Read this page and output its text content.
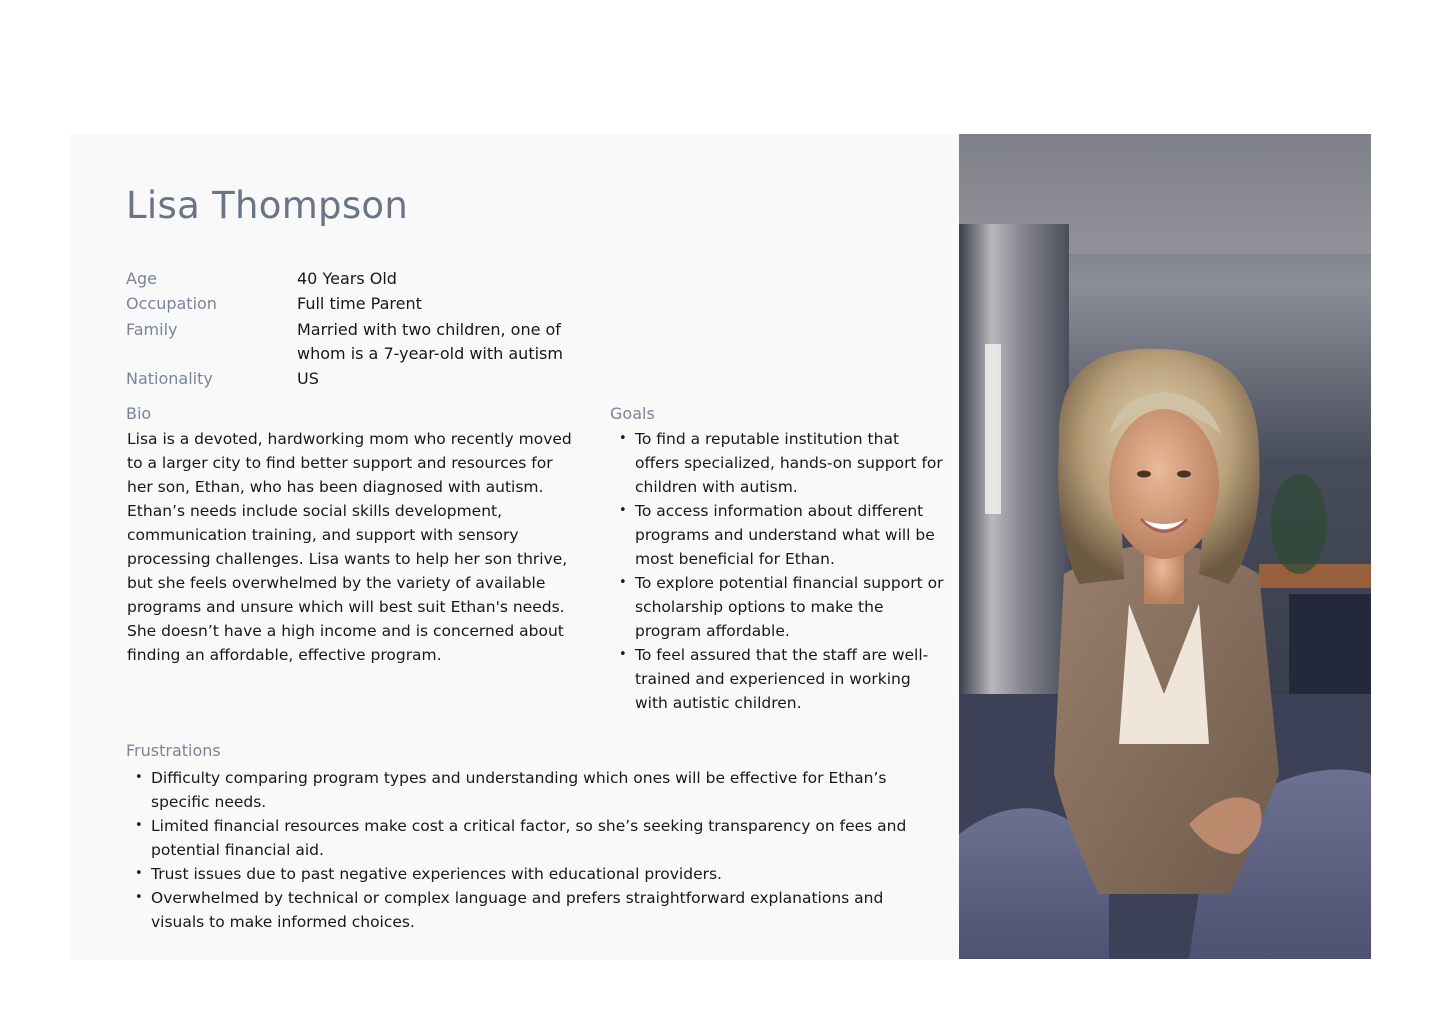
Lisa Thompson
Age	40 Years Old
Occupation	Full time Parent
Family	Married with two children, one of whom is a 7-year-old with autism
Nationality	US
Bio
Lisa is a devoted, hardworking mom who recently moved to a larger city to find better support and resources for her son, Ethan, who has been diagnosed with autism. Ethan’s needs include social skills development, communication training, and support with sensory processing challenges. Lisa wants to help her son thrive, but she feels overwhelmed by the variety of available programs and unsure which will best suit Ethan's needs. She doesn’t have a high income and is concerned about finding an affordable, effective program.
Goals
• To find a reputable institution that offers specialized, hands-on support for children with autism.
• To access information about different programs and understand what will be most beneficial for Ethan.
• To explore potential financial support or scholarship options to make the program affordable.
• To feel assured that the staff are well-trained and experienced in working with autistic children.
Frustrations
• Difficulty comparing program types and understanding which ones will be effective for Ethan’s specific needs.
• Limited financial resources make cost a critical factor, so she’s seeking transparency on fees and potential financial aid.
• Trust issues due to past negative experiences with educational providers.
• Overwhelmed by technical or complex language and prefers straightforward explanations and visuals to make informed choices.
